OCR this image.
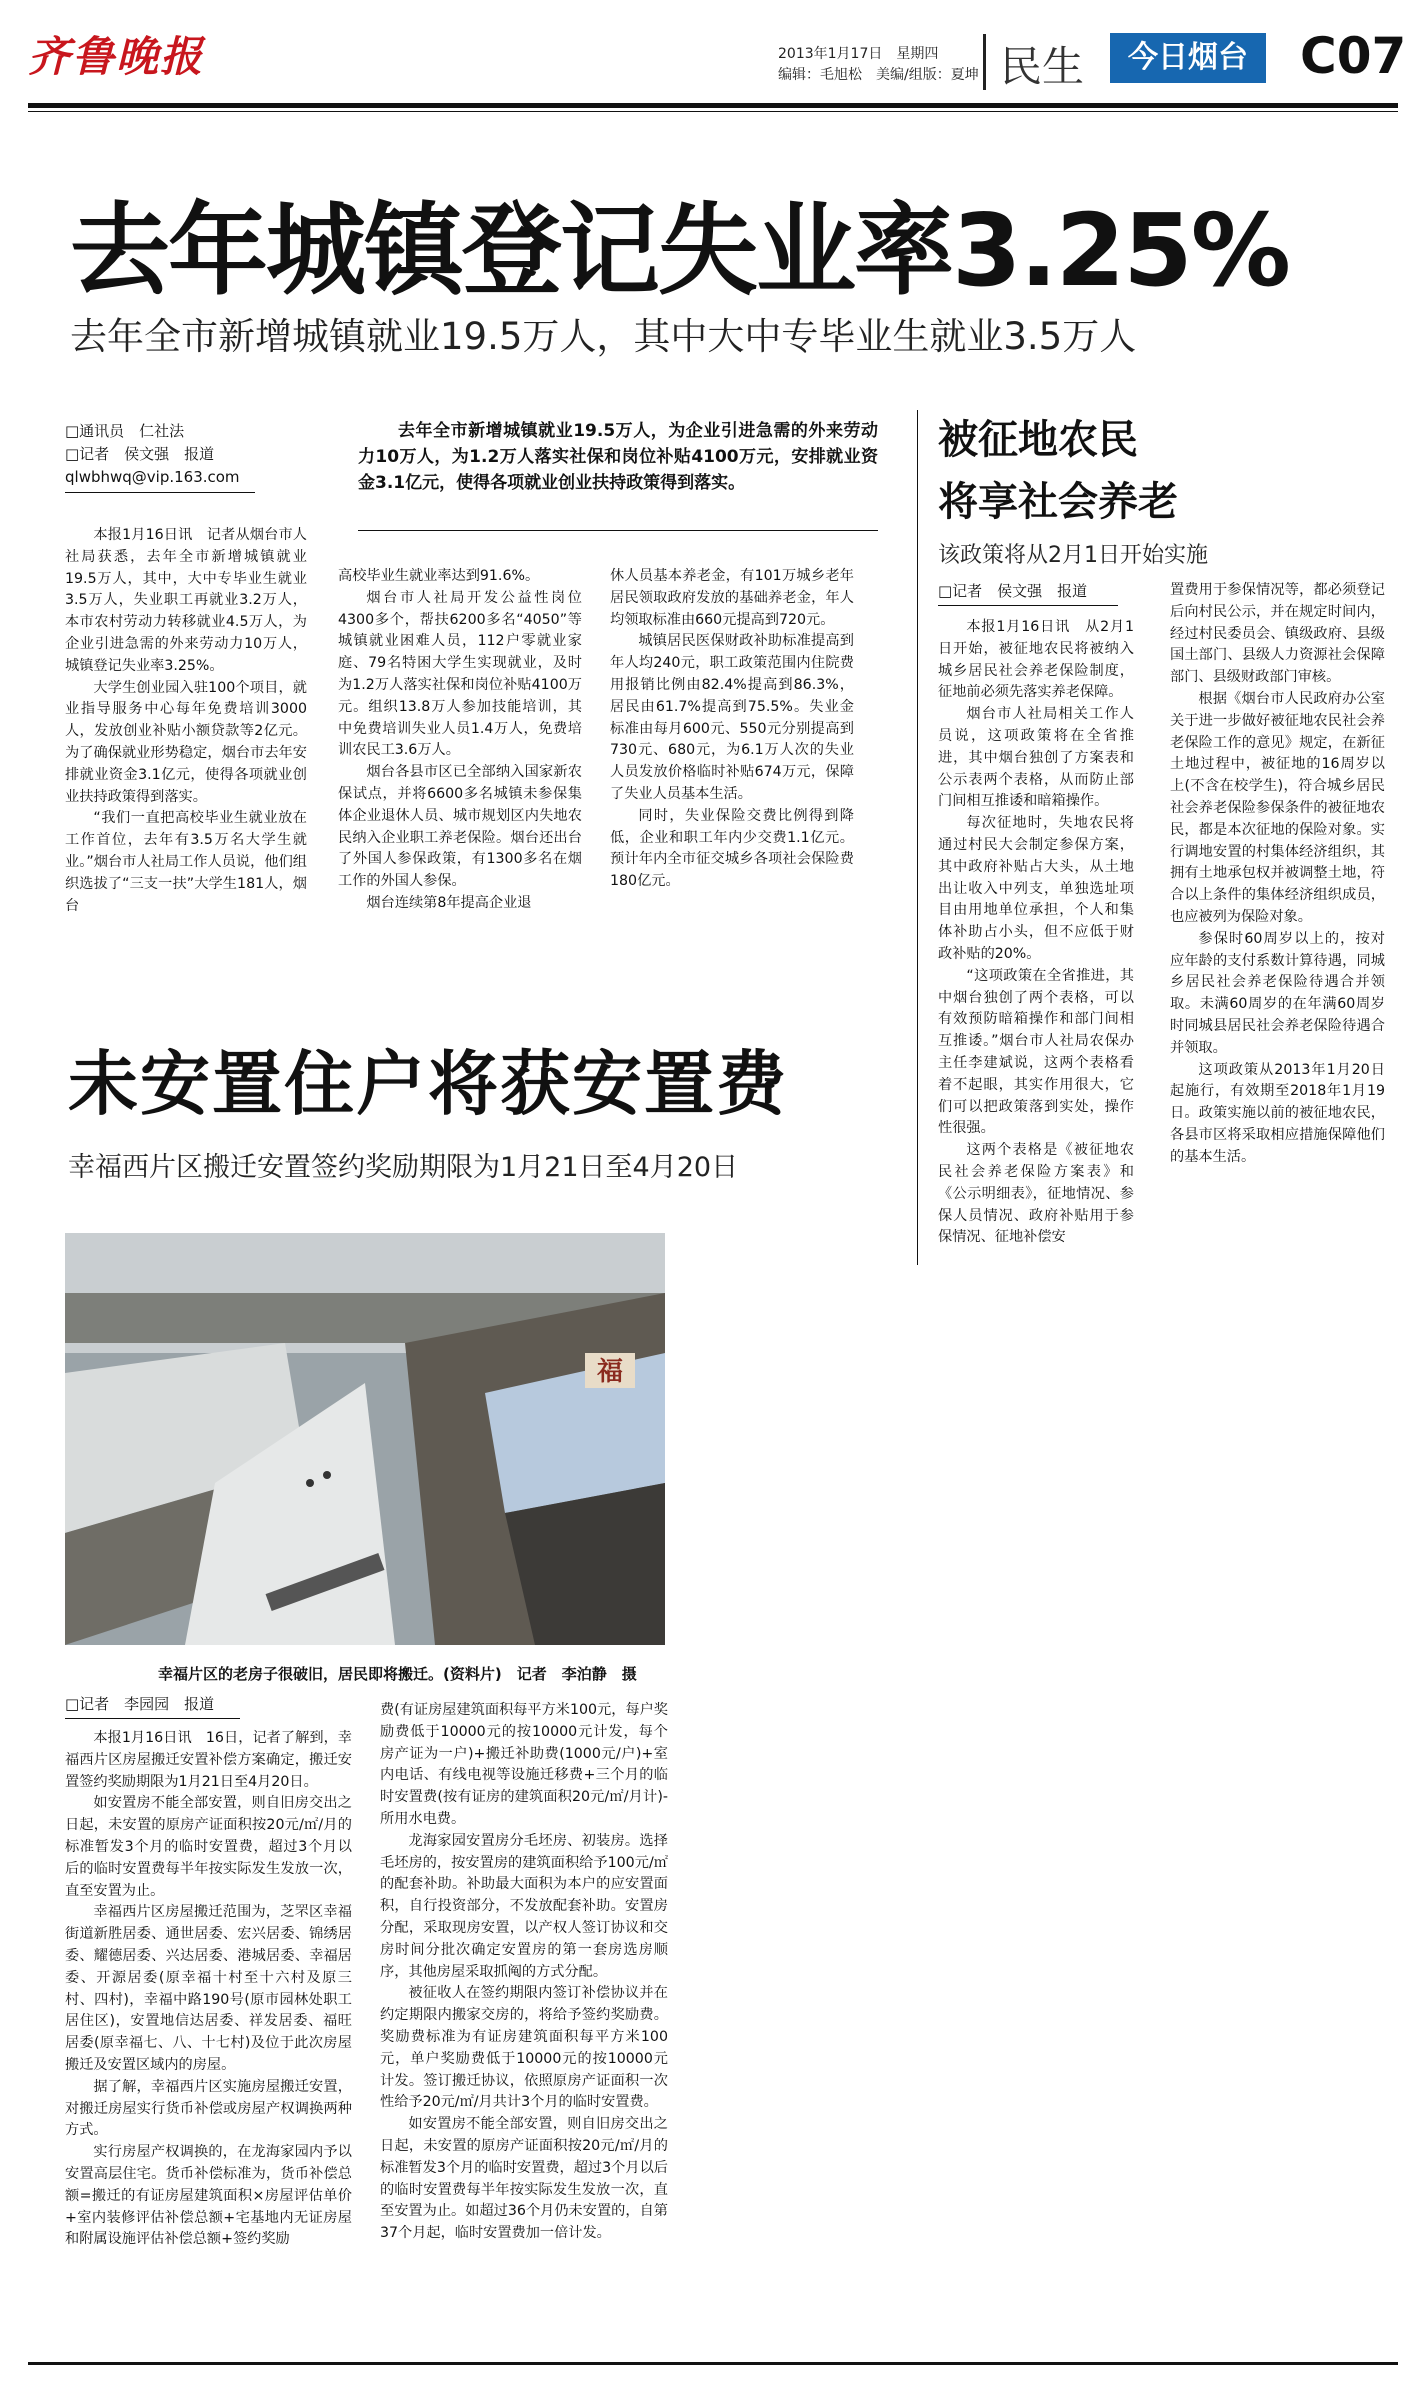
齐鲁晚报	2013年1月17日　星期四
编辑：毛旭松　美编/组版：夏坤 民生	今日烟台	C07
去年城镇登记失业率3.25%
去年全市新增城镇就业19.5万人，其中大中专毕业生就业3.5万人
□通讯员　仁社法
□记者　侯文强　报道
qlwbhwq@vip.163.com
去年全市新增城镇就业19.5万人，为企业引进急需的外来劳动力10万人，为1.2万人落实社保和岗位补贴4100万元，安排就业资金3.1亿元，使得各项就业创业扶持政策得到落实。

本报1月16日讯　记者从烟台市人社局获悉，去年全市新增城镇就业19.5万人，其中，大中专毕业生就业3.5万人，失业职工再就业3.2万人，本市农村劳动力转移就业4.5万人，为企业引进急需的外来劳动力10万人，城镇登记失业率3.25%。

大学生创业园入驻100个项目，就业指导服务中心每年免费培训3000人，发放创业补贴小额贷款等2亿元。为了确保就业形势稳定，烟台市去年安排就业资金3.1亿元，使得各项就业创业扶持政策得到落实。

“我们一直把高校毕业生就业放在工作首位，去年有3.5万名大学生就业。”烟台市人社局工作人员说，他们组织选拔了“三支一扶”大学生181人，烟台

高校毕业生就业率达到91.6%。

烟台市人社局开发公益性岗位4300多个，帮扶6200多名“4050”等城镇就业困难人员，112户零就业家庭、79名特困大学生实现就业，及时为1.2万人落实社保和岗位补贴4100万元。组织13.8万人参加技能培训，其中免费培训失业人员1.4万人，免费培训农民工3.6万人。

烟台各县市区已全部纳入国家新农保试点，并将6600多名城镇未参保集体企业退休人员、城市规划区内失地农民纳入企业职工养老保险。烟台还出台了外国人参保政策，有1300多名在烟工作的外国人参保。

烟台连续第8年提高企业退

休人员基本养老金，有101万城乡老年居民领取政府发放的基础养老金，年人均领取标准由660元提高到720元。

城镇居民医保财政补助标准提高到年人均240元，职工政策范围内住院费用报销比例由82.4%提高到86.3%，居民由61.7%提高到75.5%。失业金标准由每月600元、550元分别提高到730元、680元，为6.1万人次的失业人员发放价格临时补贴674万元，保障了失业人员基本生活。

同时，失业保险交费比例得到降低，企业和职工年内少交费1.1亿元。预计年内全市征交城乡各项社会保险费180亿元。

被征地农民
将享社会养老
该政策将从2月1日开始实施
□记者　侯文强　报道

本报1月16日讯　从2月1日开始，被征地农民将被纳入城乡居民社会养老保险制度，征地前必须先落实养老保障。

烟台市人社局相关工作人员说，这项政策将在全省推进，其中烟台独创了方案表和公示表两个表格，从而防止部门间相互推诿和暗箱操作。

每次征地时，失地农民将通过村民大会制定参保方案，其中政府补贴占大头，从土地出让收入中列支，单独选址项目由用地单位承担，个人和集体补助占小头，但不应低于财政补贴的20%。

“这项政策在全省推进，其中烟台独创了两个表格，可以有效预防暗箱操作和部门间相互推诿。”烟台市人社局农保办主任李建斌说，这两个表格看着不起眼，其实作用很大，它们可以把政策落到实处，操作性很强。

这两个表格是《被征地农民社会养老保险方案表》和《公示明细表》，征地情况、参保人员情况、政府补贴用于参保情况、征地补偿安

置费用于参保情况等，都必须登记后向村民公示，并在规定时间内，经过村民委员会、镇级政府、县级国土部门、县级人力资源社会保障部门、县级财政部门审核。

根据《烟台市人民政府办公室关于进一步做好被征地农民社会养老保险工作的意见》规定，在新征土地过程中，被征地的16周岁以上(不含在校学生)，符合城乡居民社会养老保险参保条件的被征地农民，都是本次征地的保险对象。实行调地安置的村集体经济组织，其拥有土地承包权并被调整土地，符合以上条件的集体经济组织成员，也应被列为保险对象。

参保时60周岁以上的，按对应年龄的支付系数计算待遇，同城乡居民社会养老保险待遇合并领取。未满60周岁的在年满60周岁时同城县居民社会养老保险待遇合并领取。

这项政策从2013年1月20日起施行，有效期至2018年1月19日。政策实施以前的被征地农民，各县市区将采取相应措施保障他们的基本生活。

未安置住户将获安置费
幸福西片区搬迁安置签约奖励期限为1月21日至4月20日
福
幸福片区的老房子很破旧，居民即将搬迁。(资料片)　记者　李泊静　摄
□记者　李园园　报道

本报1月16日讯　16日，记者了解到，幸福西片区房屋搬迁安置补偿方案确定，搬迁安置签约奖励期限为1月21日至4月20日。

如安置房不能全部安置，则自旧房交出之日起，未安置的原房产证面积按20元/㎡/月的标准暂发3个月的临时安置费，超过3个月以后的临时安置费每半年按实际发生发放一次，直至安置为止。

幸福西片区房屋搬迁范围为，芝罘区幸福街道新胜居委、通世居委、宏兴居委、锦绣居委、耀德居委、兴达居委、港城居委、幸福居委、开源居委(原幸福十村至十六村及原三村、四村)，幸福中路190号(原市园林处职工居住区)，安置地信达居委、祥发居委、福旺居委(原幸福七、八、十七村)及位于此次房屋搬迁及安置区域内的房屋。

据了解，幸福西片区实施房屋搬迁安置，对搬迁房屋实行货币补偿或房屋产权调换两种方式。

实行房屋产权调换的，在龙海家园内予以安置高层住宅。货币补偿标准为，货币补偿总额=搬迁的有证房屋建筑面积×房屋评估单价+室内装修评估补偿总额+宅基地内无证房屋和附属设施评估补偿总额+签约奖励

费(有证房屋建筑面积每平方米100元，每户奖励费低于10000元的按10000元计发，每个房产证为一户)+搬迁补助费(1000元/户)+室内电话、有线电视等设施迁移费+三个月的临时安置费(按有证房的建筑面积20元/㎡/月计)-所用水电费。

龙海家园安置房分毛坯房、初装房。选择毛坯房的，按安置房的建筑面积给予100元/㎡的配套补助。补助最大面积为本户的应安置面积，自行投资部分，不发放配套补助。安置房分配，采取现房安置，以产权人签订协议和交房时间分批次确定安置房的第一套房选房顺序，其他房屋采取抓阄的方式分配。

被征收人在签约期限内签订补偿协议并在约定期限内搬家交房的，将给予签约奖励费。奖励费标准为有证房建筑面积每平方米100元，单户奖励费低于10000元的按10000元计发。签订搬迁协议，依照原房产证面积一次性给予20元/㎡/月共计3个月的临时安置费。

如安置房不能全部安置，则自旧房交出之日起，未安置的原房产证面积按20元/㎡/月的标准暂发3个月的临时安置费，超过3个月以后的临时安置费每半年按实际发生发放一次，直至安置为止。如超过36个月仍未安置的，自第37个月起，临时安置费加一倍计发。
